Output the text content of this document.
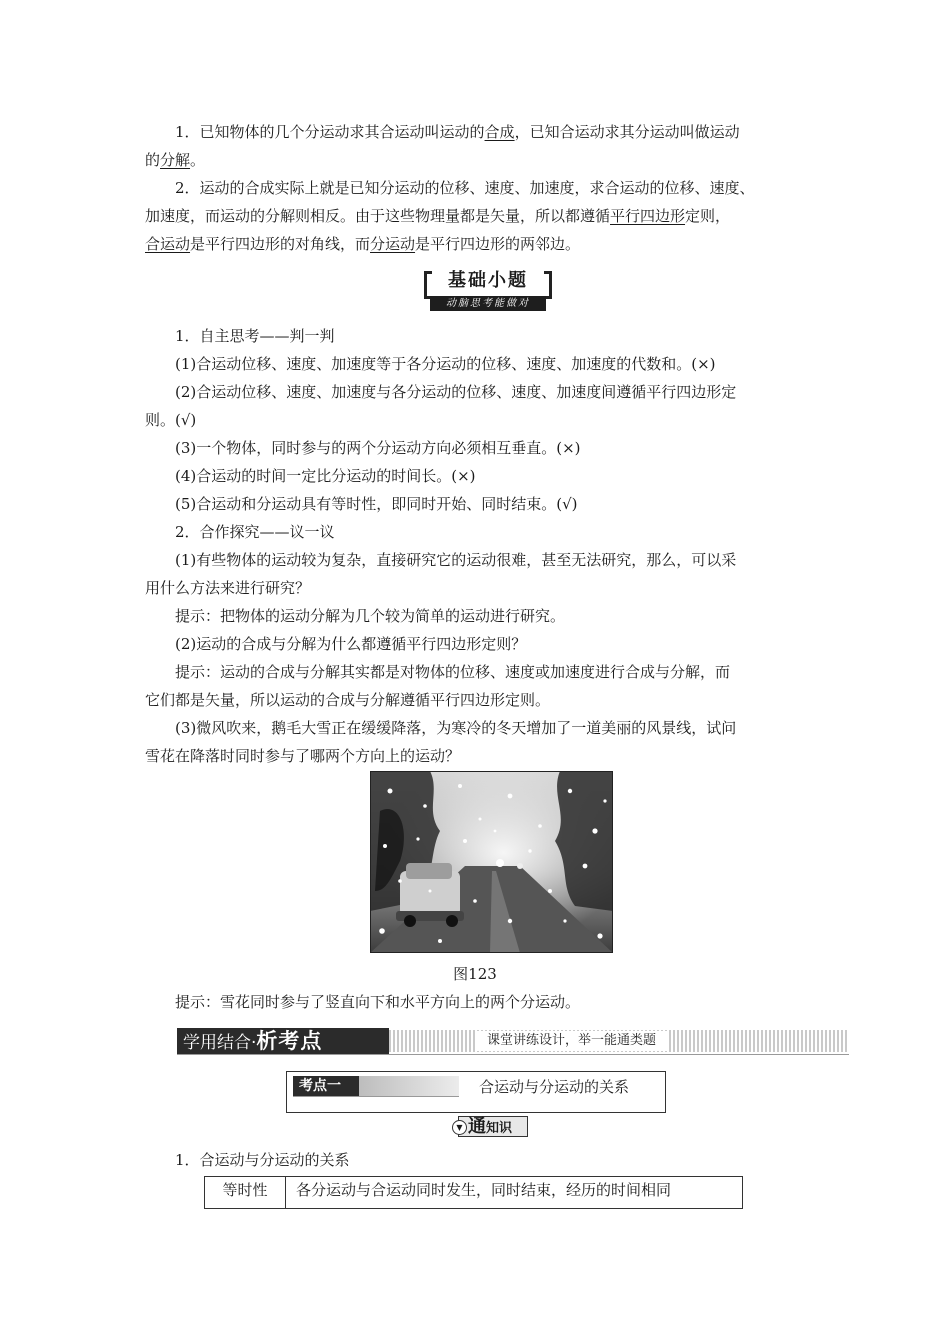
1．已知物体的几个分运动求其合运动叫运动的合成，已知合运动求其分运动叫做运动
的分解。
2．运动的合成实际上就是已知分运动的位移、速度、加速度，求合运动的位移、速度、
加速度，而运动的分解则相反。由于这些物理量都是矢量，所以都遵循平行四边形定则，
合运动是平行四边形的对角线，而分运动是平行四边形的两邻边。
基础小题
动脑思考能做对
1．自主思考——判一判
(1)合运动位移、速度、加速度等于各分运动的位移、速度、加速度的代数和。(×)
(2)合运动位移、速度、加速度与各分运动的位移、速度、加速度间遵循平行四边形定
则。(√)
(3)一个物体，同时参与的两个分运动方向必须相互垂直。(×)
(4)合运动的时间一定比分运动的时间长。(×)
(5)合运动和分运动具有等时性，即同时开始、同时结束。(√)
2．合作探究——议一议
(1)有些物体的运动较为复杂，直接研究它的运动很难，甚至无法研究，那么，可以采
用什么方法来进行研究？
提示：把物体的运动分解为几个较为简单的运动进行研究。
(2)运动的合成与分解为什么都遵循平行四边形定则？
提示：运动的合成与分解其实都是对物体的位移、速度或加速度进行合成与分解，而
它们都是矢量，所以运动的合成与分解遵循平行四边形定则。
(3)微风吹来，鹅毛大雪正在缓缓降落，为寒冷的冬天增加了一道美丽的风景线，试问
雪花在降落时同时参与了哪两个方向上的运动？
图123
提示：雪花同时参与了竖直向下和水平方向上的两个分运动。
学用结合·析考点	课堂讲练设计，举一能通类题
考点一	合运动与分运动的关系
▼ 通知识
1．合运动与分运动的关系
等时性	各分运动与合运动同时发生，同时结束，经历的时间相同
